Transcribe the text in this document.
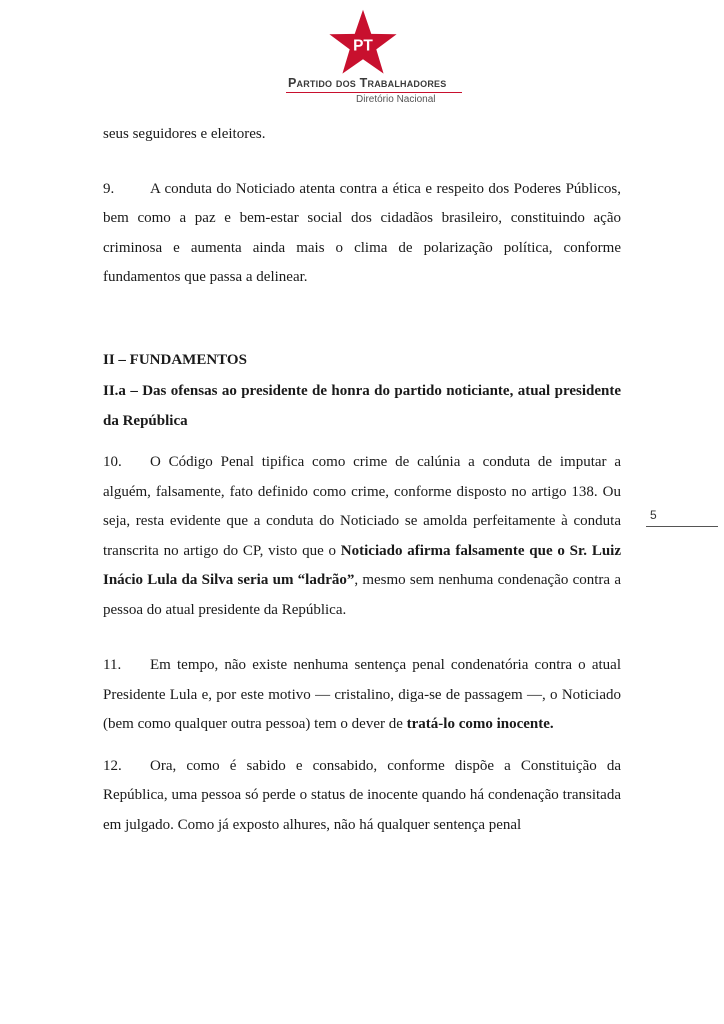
PT
Partido dos Trabalhadores
Diretório Nacional

seus seguidores e eleitores.

9. A conduta do Noticiado atenta contra a ética e respeito dos Poderes Públicos, bem como a paz e bem-estar social dos cidadãos brasileiro, constituindo ação criminosa e aumenta ainda mais o clima de polarização política, conforme fundamentos que passa a delinear.

II – FUNDAMENTOS

II.a – Das ofensas ao presidente de honra do partido noticiante, atual presidente da República

10. O Código Penal tipifica como crime de calúnia a conduta de imputar a alguém, falsamente, fato definido como crime, conforme disposto no artigo 138. Ou seja, resta evidente que a conduta do Noticiado se amolda perfeitamente à conduta transcrita no artigo do CP, visto que o Noticiado afirma falsamente que o Sr. Luiz Inácio Lula da Silva seria um “ladrão”, mesmo sem nenhuma condenação contra a pessoa do atual presidente da República.

11. Em tempo, não existe nenhuma sentença penal condenatória contra o atual Presidente Lula e, por este motivo — cristalino, diga-se de passagem —, o Noticiado (bem como qualquer outra pessoa) tem o dever de tratá-lo como inocente.

12. Ora, como é sabido e consabido, conforme dispõe a Constituição da República, uma pessoa só perde o status de inocente quando há condenação transitada em julgado. Como já exposto alhures, não há qualquer sentença penal

5
